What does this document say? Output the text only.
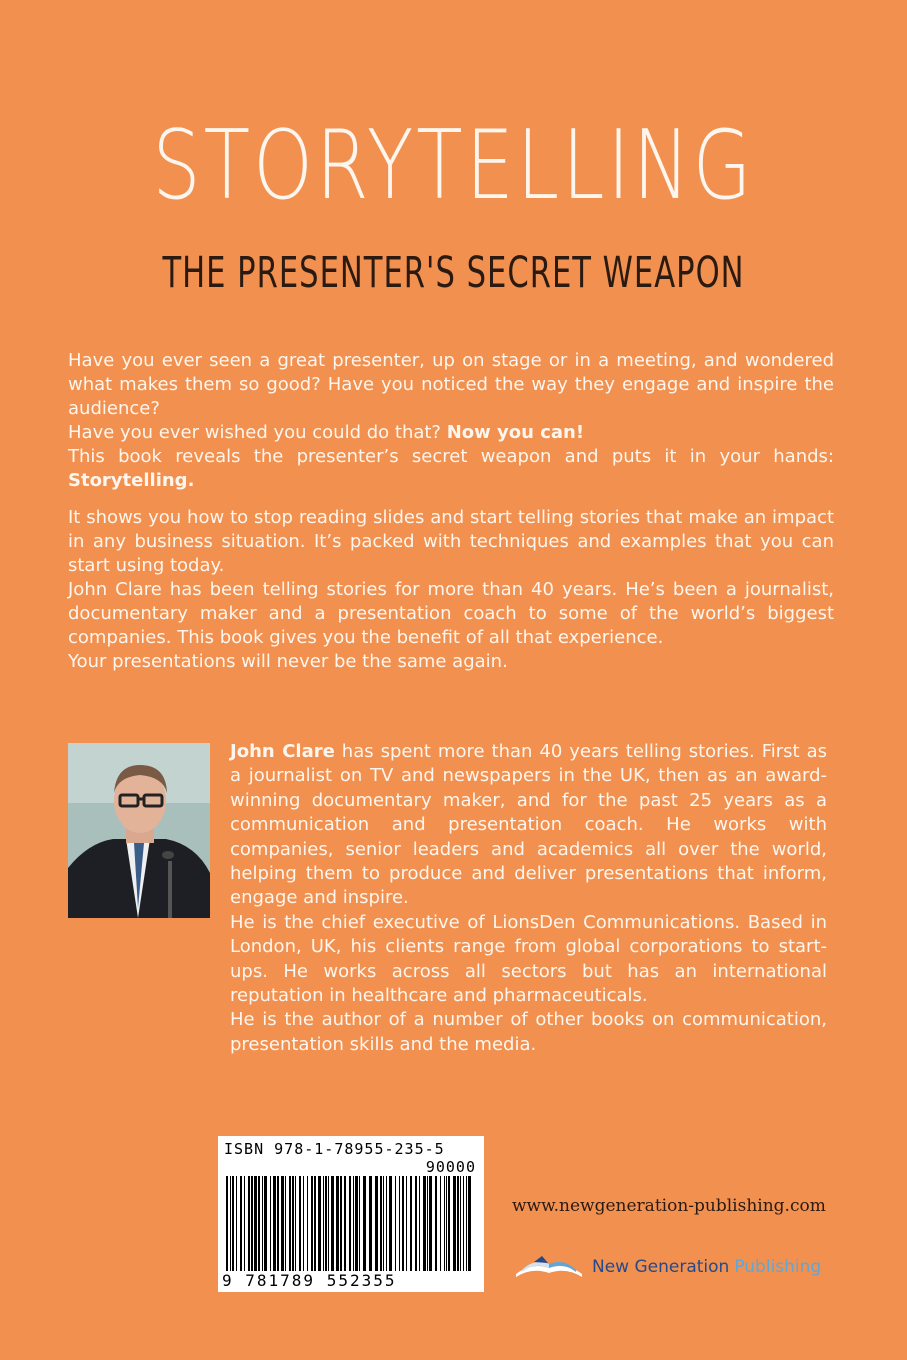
STORYTELLING
THE PRESENTER'S SECRET WEAPON

Have you ever seen a great presenter, up on stage or in a meeting, and wondered what makes them so good? Have you noticed the way they engage and inspire the audience?

Have you ever wished you could do that? Now you can!

This book reveals the presenter’s secret weapon and puts it in your hands: Storytelling.

It shows you how to stop reading slides and start telling stories that make an impact in any business situation. It’s packed with techniques and examples that you can start using today.

John Clare has been telling stories for more than 40 years. He’s been a journalist, documentary maker and a presentation coach to some of the world’s biggest companies. This book gives you the benefit of all that experience.

Your presentations will never be the same again.

John Clare has spent more than 40 years telling stories. First as a journalist on TV and newspapers in the UK, then as an award-winning documentary maker, and for the past 25 years as a communication and presentation coach. He works with companies, senior leaders and academics all over the world, helping them to produce and deliver presentations that inform, engage and inspire.

He is the chief executive of LionsDen Communications. Based in London, UK, his clients range from global corporations to start-ups. He works across all sectors but has an international reputation in healthcare and pharmaceuticals.

He is the author of a number of other books on communication, presentation skills and the media.

ISBN 978-1-78955-235-5
90000
9 781789 552355
www.newgeneration-publishing.com
New Generation Publishing
